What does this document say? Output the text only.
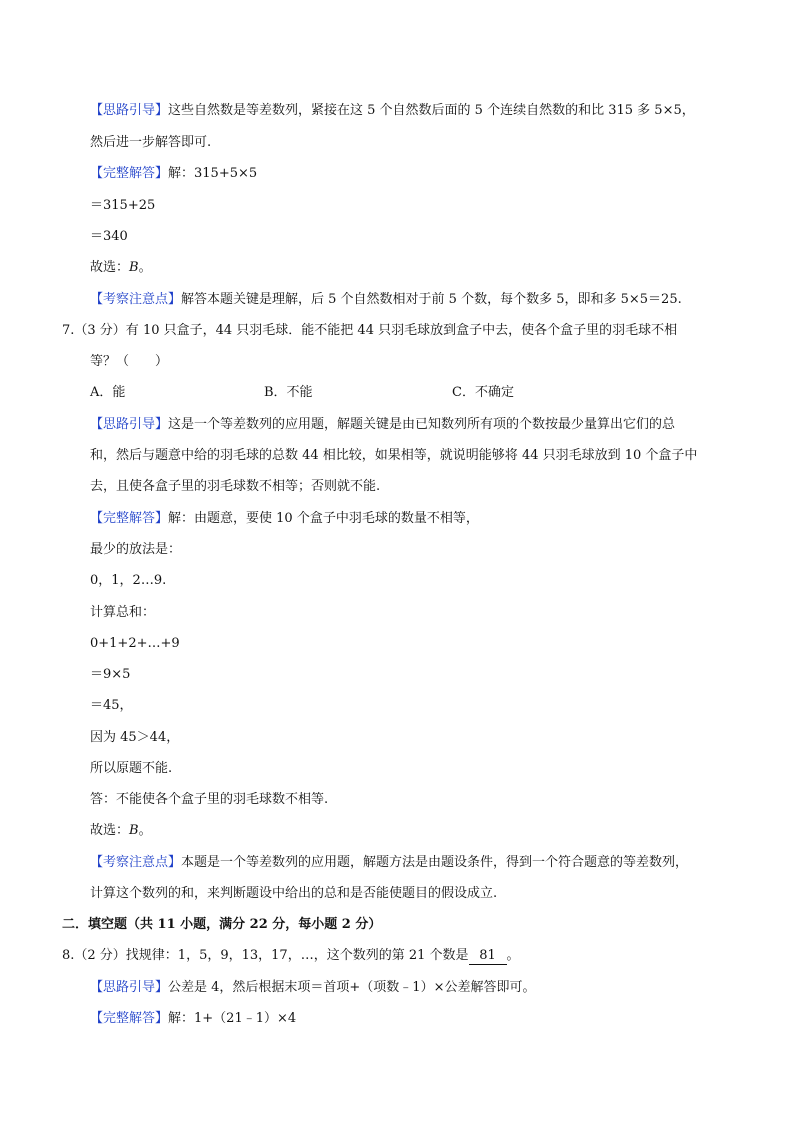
【思路引导】这些自然数是等差数列，紧接在这 5 个自然数后面的 5 个连续自然数的和比 315 多 5×5，
然后进一步解答即可.
【完整解答】解：315+5×5
＝315+25
＝340
故选：B。
【考察注意点】解答本题关键是理解，后 5 个自然数相对于前 5 个数，每个数多 5，即和多 5×5＝25.
7.（3 分）有 10 只盒子，44 只羽毛球．能不能把 44 只羽毛球放到盒子中去，使各个盒子里的羽毛球不相
等？（　　）
A．能	B．不能	C．不确定
【思路引导】这是一个等差数列的应用题，解题关键是由已知数列所有项的个数按最少量算出它们的总
和，然后与题意中给的羽毛球的总数 44 相比较，如果相等，就说明能够将 44 只羽毛球放到 10 个盒子中
去，且使各盒子里的羽毛球数不相等；否则就不能.
【完整解答】解：由题意，要使 10 个盒子中羽毛球的数量不相等，
最少的放法是：
0，1，2…9.
计算总和：
0+1+2+…+9
＝9×5
＝45，
因为 45＞44，
所以原题不能.
答：不能使各个盒子里的羽毛球数不相等.
故选：B。
【考察注意点】本题是一个等差数列的应用题，解题方法是由题设条件，得到一个符合题意的等差数列，
计算这个数列的和，来判断题设中给出的总和是否能使题目的假设成立.
二．填空题（共 11 小题，满分 22 分，每小题 2 分）
8.（2 分）找规律：1，5，9，13，17，…，这个数列的第 21 个数是 81 。
【思路引导】公差是 4，然后根据末项＝首项+（项数﹣1）×公差解答即可。
【完整解答】解：1+（21﹣1）×4
